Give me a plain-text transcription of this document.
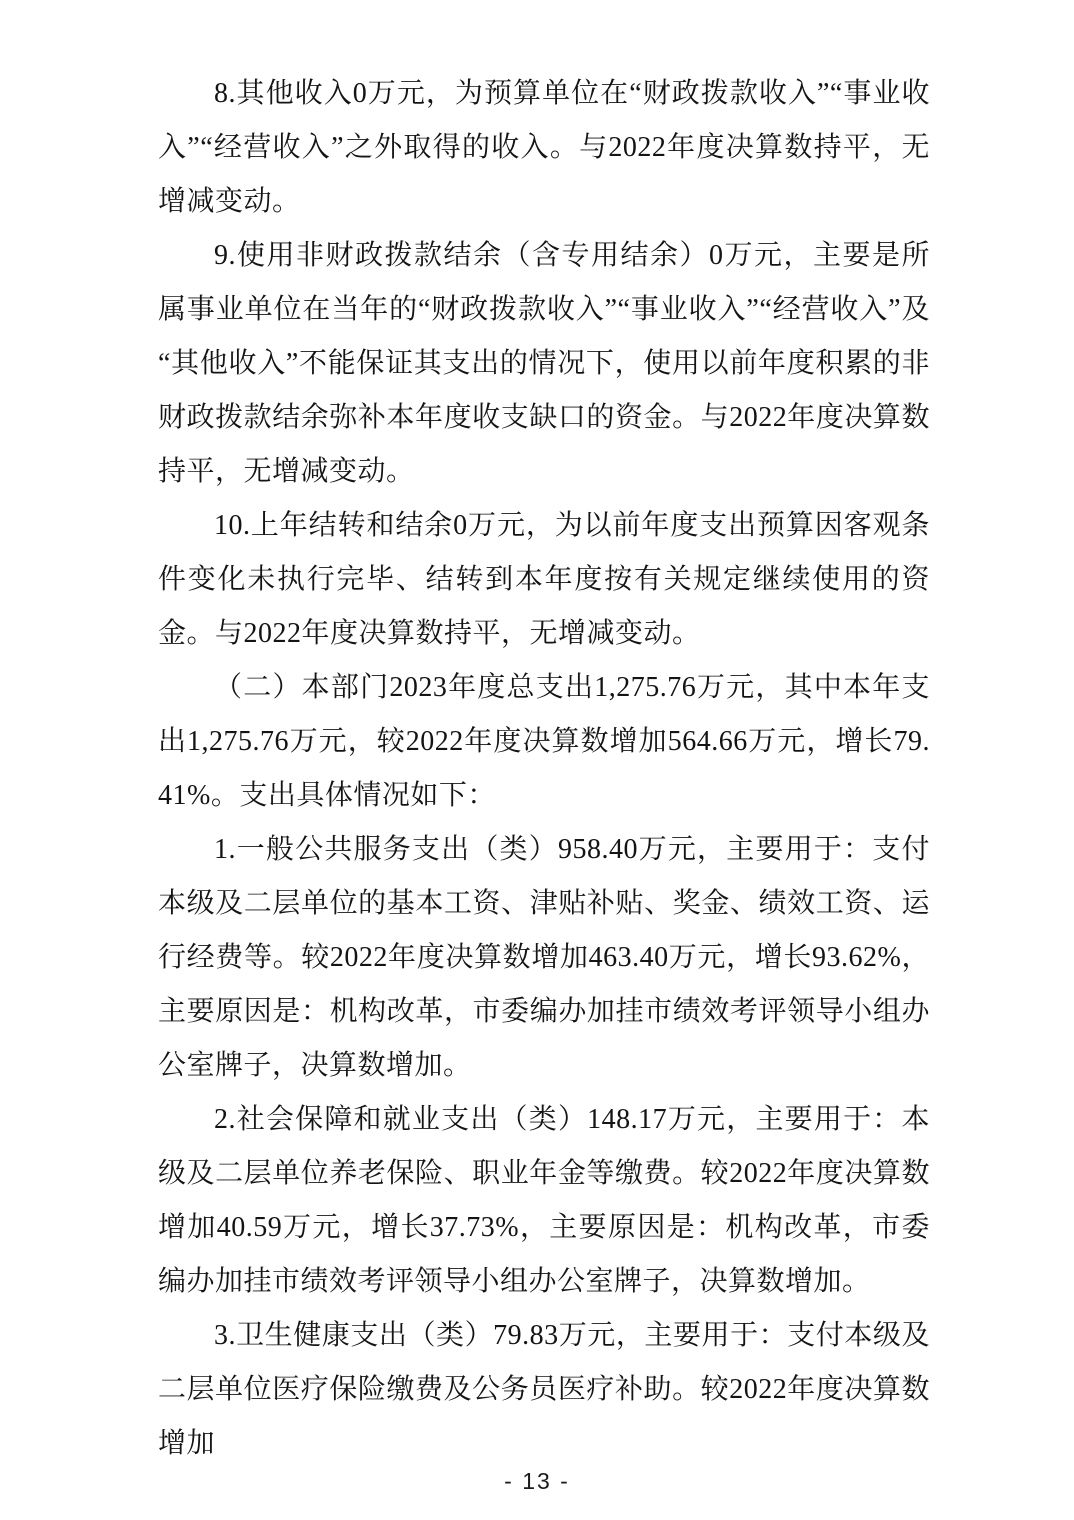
8.其他收入0万元，为预算单位在“财政拨款收入”“事业收入”“经营收入”之外取得的收入。与2022年度决算数持平，无增减变动。

9.使用非财政拨款结余（含专用结余）0万元，主要是所属事业单位在当年的“财政拨款收入”“事业收入”“经营收入”及“其他收入”不能保证其支出的情况下，使用以前年度积累的非财政拨款结余弥补本年度收支缺口的资金。与2022年度决算数持平，无增减变动。

10.上年结转和结余0万元，为以前年度支出预算因客观条件变化未执行完毕、结转到本年度按有关规定继续使用的资金。与2022年度决算数持平，无增减变动。

（二）本部门2023年度总支出1,275.76万元，其中本年支出1,275.76万元，较2022年度决算数增加564.66万元，增长79.41%。支出具体情况如下：

1.一般公共服务支出（类）958.40万元，主要用于：支付本级及二层单位的基本工资、津贴补贴、奖金、绩效工资、运行经费等。较2022年度决算数增加463.40万元，增长93.62%，主要原因是：机构改革，市委编办加挂市绩效考评领导小组办公室牌子，决算数增加。

2.社会保障和就业支出（类）148.17万元，主要用于：本级及二层单位养老保险、职业年金等缴费。较2022年度决算数增加40.59万元，增长37.73%，主要原因是：机构改革，市委编办加挂市绩效考评领导小组办公室牌子，决算数增加。

3.卫生健康支出（类）79.83万元，主要用于：支付本级及二层单位医疗保险缴费及公务员医疗补助。较2022年度决算数增加

- 13 -
